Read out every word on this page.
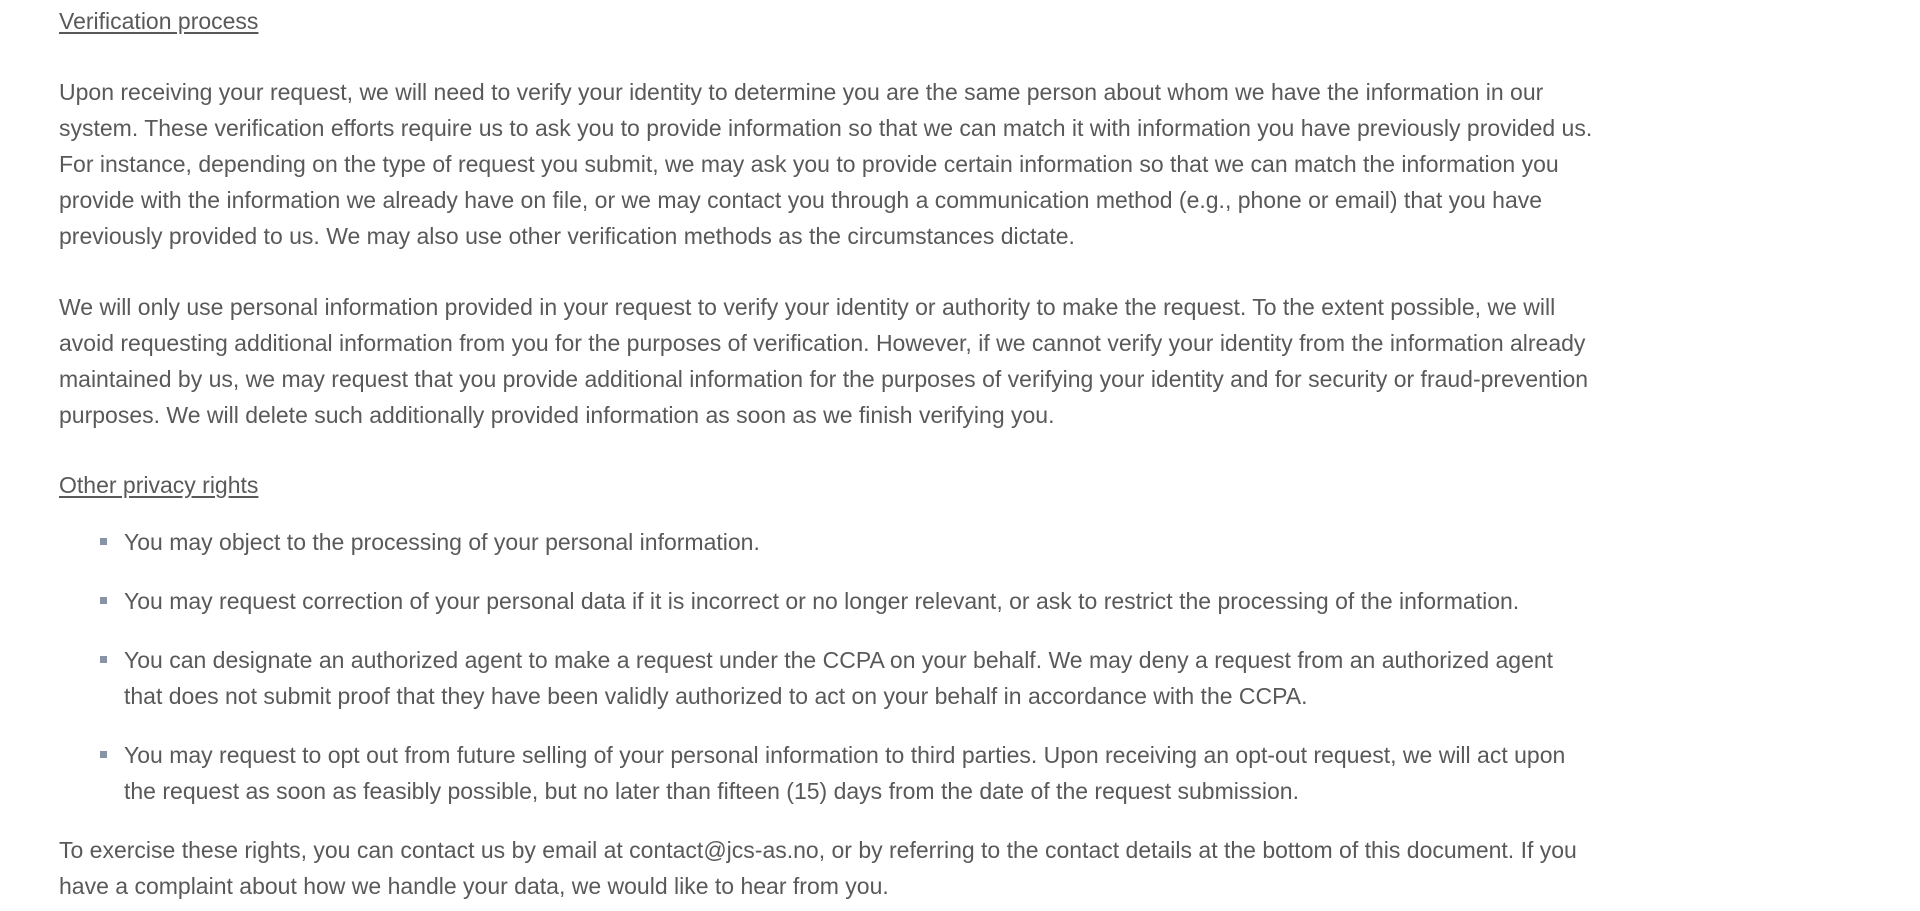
Verification process

Upon receiving your request, we will need to verify your identity to determine you are the same person about whom we have the information in our system. These verification efforts require us to ask you to provide information so that we can match it with information you have previously provided us. For instance, depending on the type of request you submit, we may ask you to provide certain information so that we can match the information you provide with the information we already have on file, or we may contact you through a communication method (e.g., phone or email) that you have previously provided to us. We may also use other verification methods as the circumstances dictate.

We will only use personal information provided in your request to verify your identity or authority to make the request. To the extent possible, we will avoid requesting additional information from you for the purposes of verification. However, if we cannot verify your identity from the information already maintained by us, we may request that you provide additional information for the purposes of verifying your identity and for security or fraud-prevention purposes. We will delete such additionally provided information as soon as we finish verifying you.

Other privacy rights
You may object to the processing of your personal information.
You may request correction of your personal data if it is incorrect or no longer relevant, or ask to restrict the processing of the information.
You can designate an authorized agent to make a request under the CCPA on your behalf. We may deny a request from an authorized agent that does not submit proof that they have been validly authorized to act on your behalf in accordance with the CCPA.
You may request to opt out from future selling of your personal information to third parties. Upon receiving an opt-out request, we will act upon the request as soon as feasibly possible, but no later than fifteen (15) days from the date of the request submission.

To exercise these rights, you can contact us by email at contact@jcs-as.no, or by referring to the contact details at the bottom of this document. If you have a complaint about how we handle your data, we would like to hear from you.
